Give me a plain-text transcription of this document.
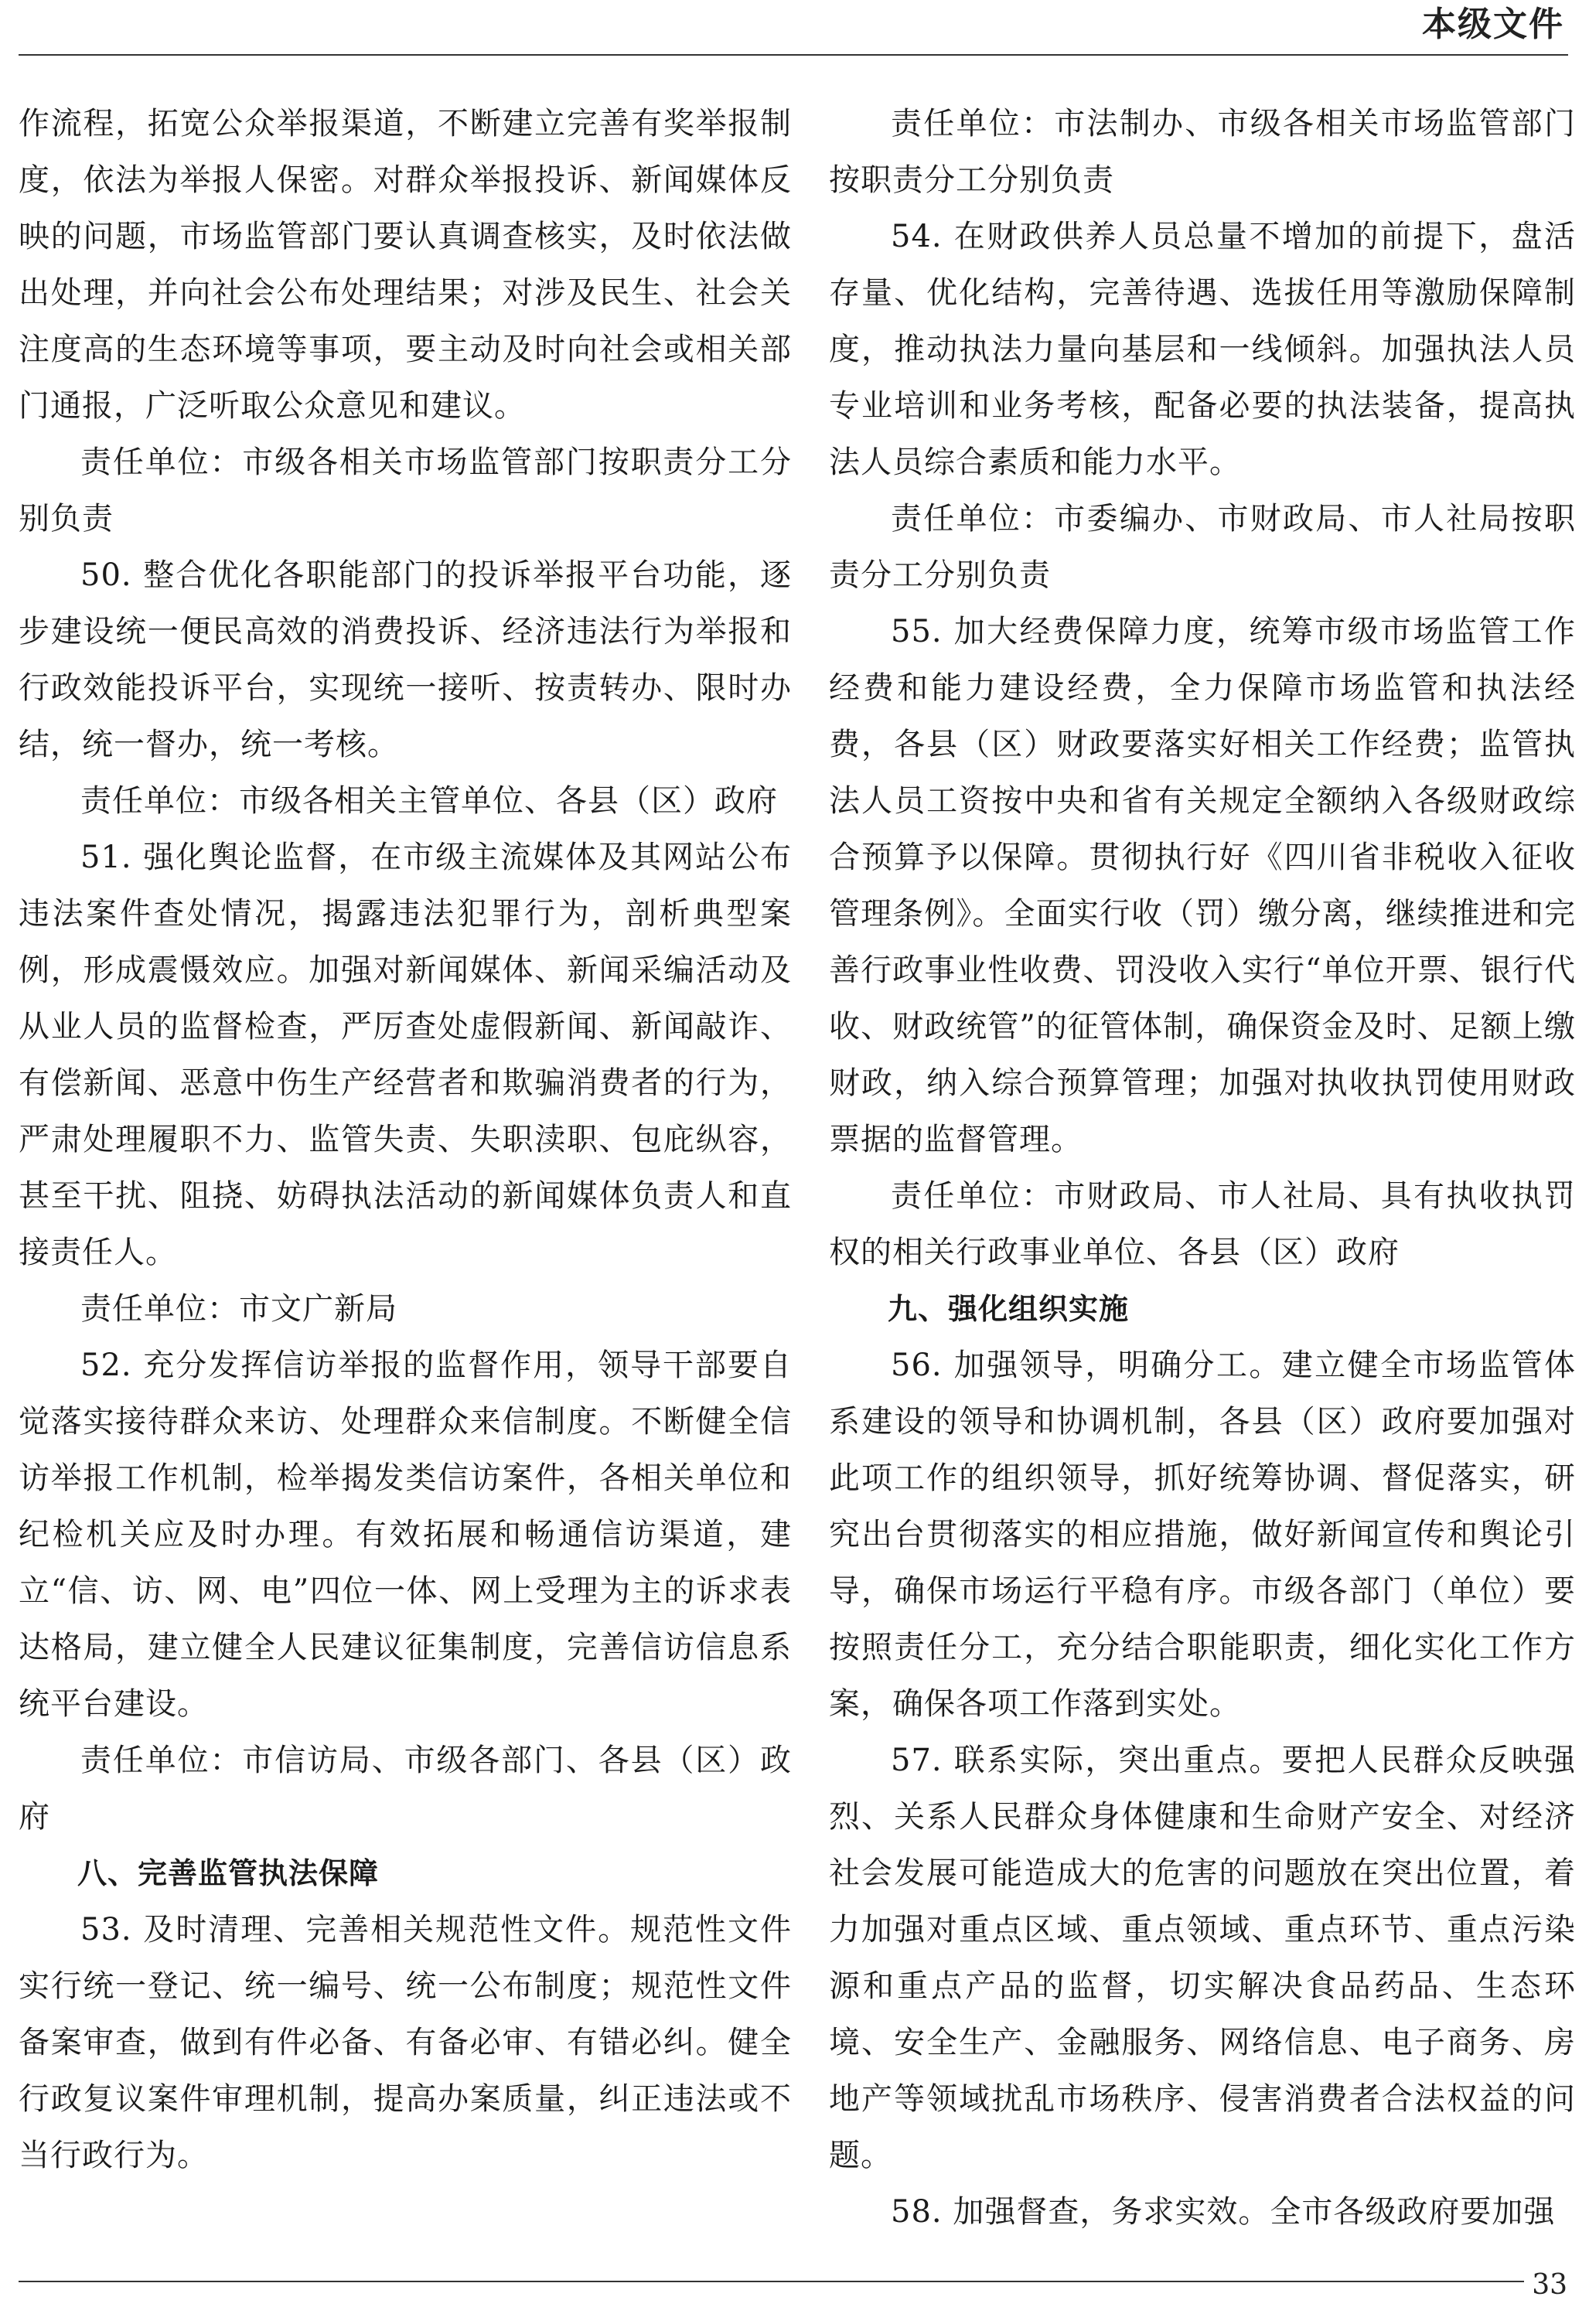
本级文件

作流程，拓宽公众举报渠道，不断建立完善有奖举报制度，依法为举报人保密。对群众举报投诉、新闻媒体反映的问题，市场监管部门要认真调查核实，及时依法做出处理，并向社会公布处理结果；对涉及民生、社会关注度高的生态环境等事项，要主动及时向社会或相关部门通报，广泛听取公众意见和建议。

责任单位：市级各相关市场监管部门按职责分工分别负责

50. 整合优化各职能部门的投诉举报平台功能，逐步建设统一便民高效的消费投诉、经济违法行为举报和行政效能投诉平台，实现统一接听、按责转办、限时办结，统一督办，统一考核。

责任单位：市级各相关主管单位、各县（区）政府

51. 强化舆论监督，在市级主流媒体及其网站公布违法案件查处情况，揭露违法犯罪行为，剖析典型案例，形成震慑效应。加强对新闻媒体、新闻采编活动及从业人员的监督检查，严厉查处虚假新闻、新闻敲诈、有偿新闻、恶意中伤生产经营者和欺骗消费者的行为，严肃处理履职不力、监管失责、失职渎职、包庇纵容，甚至干扰、阻挠、妨碍执法活动的新闻媒体负责人和直接责任人。

责任单位：市文广新局

52. 充分发挥信访举报的监督作用，领导干部要自觉落实接待群众来访、处理群众来信制度。不断健全信访举报工作机制，检举揭发类信访案件，各相关单位和纪检机关应及时办理。有效拓展和畅通信访渠道，建立“信、访、网、电”四位一体、网上受理为主的诉求表达格局，建立健全人民建议征集制度，完善信访信息系统平台建设。

责任单位：市信访局、市级各部门、各县（区）政府

八、完善监管执法保障

53. 及时清理、完善相关规范性文件。规范性文件实行统一登记、统一编号、统一公布制度；规范性文件备案审查，做到有件必备、有备必审、有错必纠。健全行政复议案件审理机制，提高办案质量，纠正违法或不当行政行为。

责任单位：市法制办、市级各相关市场监管部门按职责分工分别负责

54. 在财政供养人员总量不增加的前提下，盘活存量、优化结构，完善待遇、选拔任用等激励保障制度，推动执法力量向基层和一线倾斜。加强执法人员专业培训和业务考核，配备必要的执法装备，提高执法人员综合素质和能力水平。

责任单位：市委编办、市财政局、市人社局按职责分工分别负责

55. 加大经费保障力度，统筹市级市场监管工作经费和能力建设经费，全力保障市场监管和执法经费，各县（区）财政要落实好相关工作经费；监管执法人员工资按中央和省有关规定全额纳入各级财政综合预算予以保障。贯彻执行好《四川省非税收入征收管理条例》。全面实行收（罚）缴分离，继续推进和完善行政事业性收费、罚没收入实行“单位开票、银行代收、财政统管”的征管体制，确保资金及时、足额上缴财政，纳入综合预算管理；加强对执收执罚使用财政票据的监督管理。

责任单位：市财政局、市人社局、具有执收执罚权的相关行政事业单位、各县（区）政府

九、强化组织实施

56. 加强领导，明确分工。建立健全市场监管体系建设的领导和协调机制，各县（区）政府要加强对此项工作的组织领导，抓好统筹协调、督促落实，研究出台贯彻落实的相应措施，做好新闻宣传和舆论引导，确保市场运行平稳有序。市级各部门（单位）要按照责任分工，充分结合职能职责，细化实化工作方案，确保各项工作落到实处。

57. 联系实际，突出重点。要把人民群众反映强烈、关系人民群众身体健康和生命财产安全、对经济社会发展可能造成大的危害的问题放在突出位置，着力加强对重点区域、重点领域、重点环节、重点污染源和重点产品的监督，切实解决食品药品、生态环境、安全生产、金融服务、网络信息、电子商务、房地产等领域扰乱市场秩序、侵害消费者合法权益的问题。

58. 加强督查，务求实效。全市各级政府要加强

33
